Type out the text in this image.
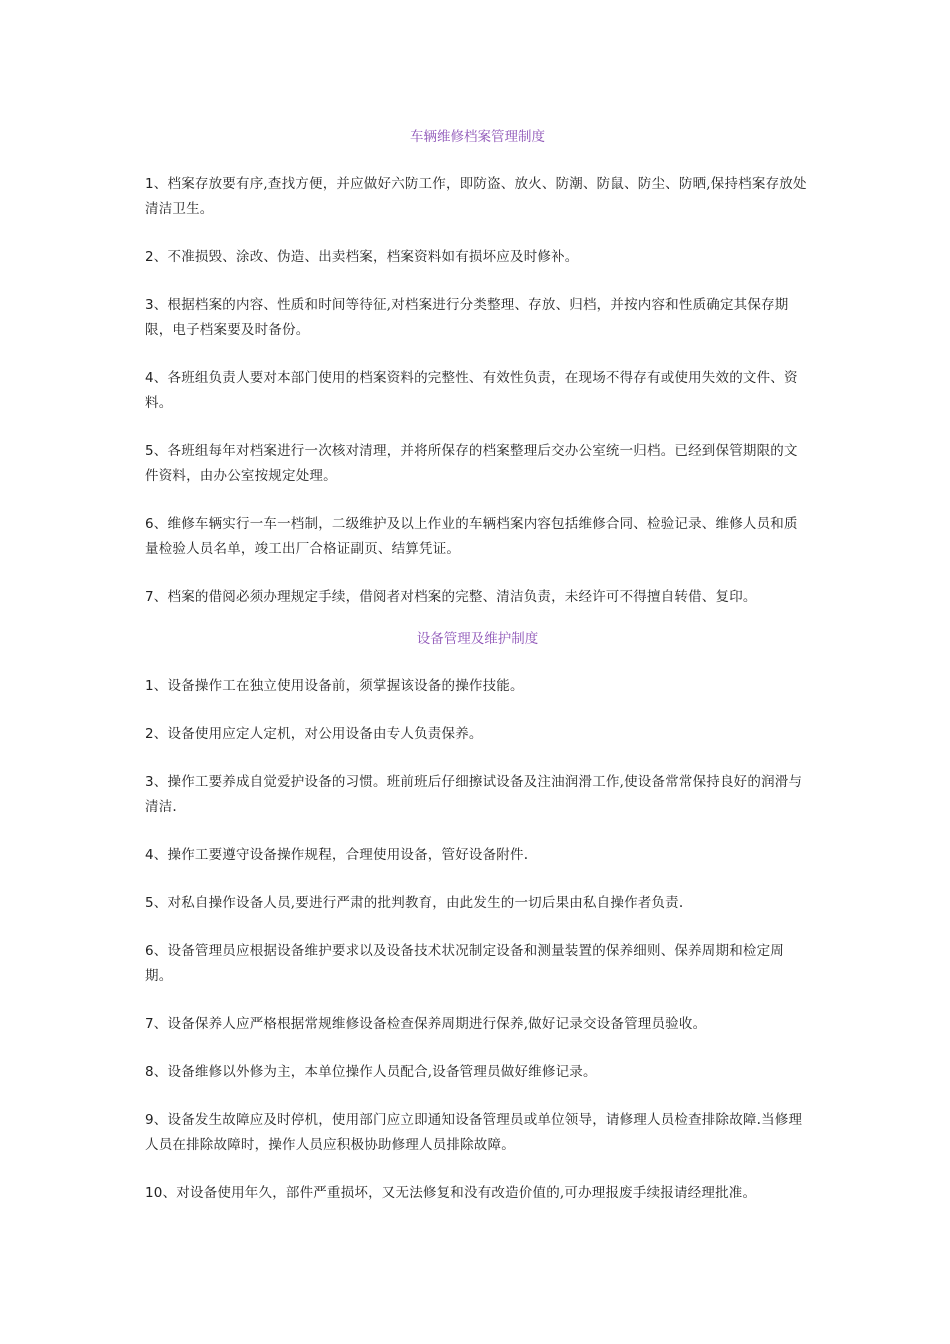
车辆维修档案管理制度

1、档案存放要有序,查找方便，并应做好六防工作，即防盗、放火、防潮、防鼠、防尘、防晒,保持档案存放处清洁卫生。

2、不准损毁、涂改、伪造、出卖档案，档案资料如有损坏应及时修补。

3、根据档案的内容、性质和时间等待征,对档案进行分类整理、存放、归档，并按内容和性质确定其保存期限，电子档案要及时备份。

4、各班组负责人要对本部门使用的档案资料的完整性、有效性负责，在现场不得存有或使用失效的文件、资料。

5、各班组每年对档案进行一次核对清理，并将所保存的档案整理后交办公室统一归档。已经到保管期限的文件资料，由办公室按规定处理。

6、维修车辆实行一车一档制，二级维护及以上作业的车辆档案内容包括维修合同、检验记录、维修人员和质量检验人员名单，竣工出厂合格证副页、结算凭证。

7、档案的借阅必须办理规定手续，借阅者对档案的完整、清洁负责，未经许可不得擅自转借、复印。

设备管理及维护制度

1、设备操作工在独立使用设备前，须掌握该设备的操作技能。

2、设备使用应定人定机，对公用设备由专人负责保养。

3、操作工要养成自觉爱护设备的习惯。班前班后仔细擦试设备及注油润滑工作,使设备常常保持良好的润滑与清洁.

4、操作工要遵守设备操作规程，合理使用设备，管好设备附件.

5、对私自操作设备人员,要进行严肃的批判教育，由此发生的一切后果由私自操作者负责.

6、设备管理员应根据设备维护要求以及设备技术状况制定设备和测量装置的保养细则、保养周期和检定周期。

7、设备保养人应严格根据常规维修设备检查保养周期进行保养,做好记录交设备管理员验收。

8、设备维修以外修为主，本单位操作人员配合,设备管理员做好维修记录。

9、设备发生故障应及时停机，使用部门应立即通知设备管理员或单位领导，请修理人员检查排除故障.当修理人员在排除故障时，操作人员应积极协助修理人员排除故障。

10、对设备使用年久，部件严重损坏，又无法修复和没有改造价值的,可办理报废手续报请经理批准。
